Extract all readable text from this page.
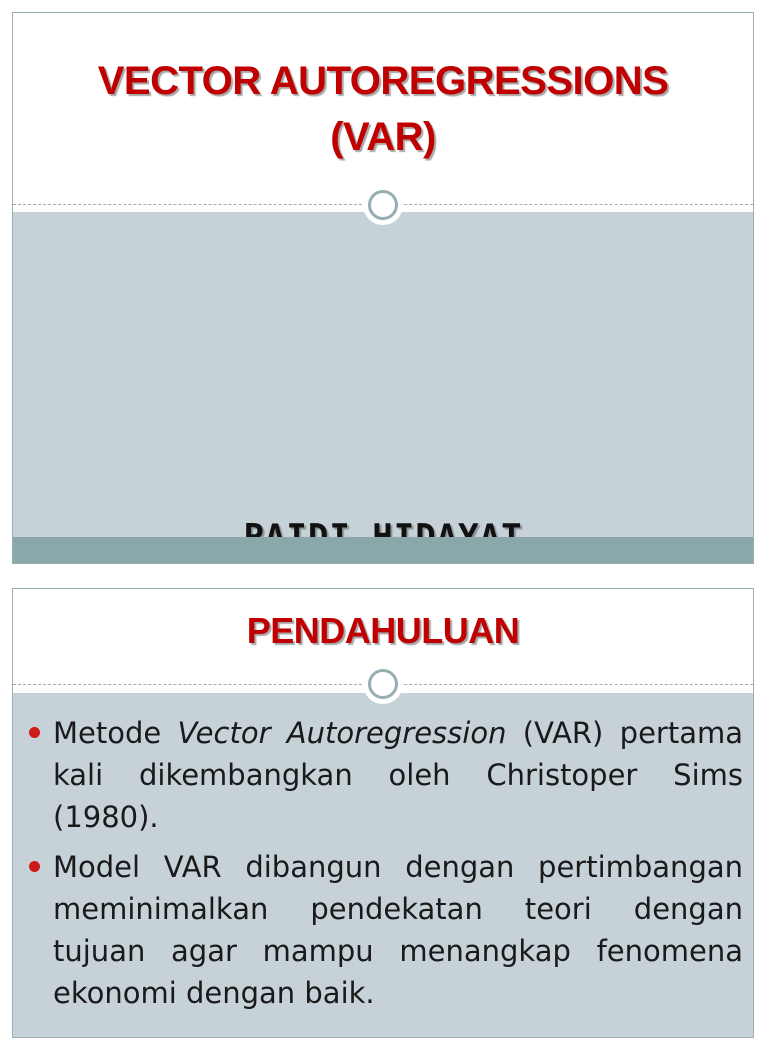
VECTOR AUTOREGRESSIONS
(VAR)
PENDAHULUAN
Metode Vector Autoregression (VAR) pertama kali dikembangkan oleh Christoper Sims (1980).
Model VAR dibangun dengan pertimbangan meminimalkan pendekatan teori dengan tujuan agar mampu menangkap fenomena ekonomi dengan baik.
